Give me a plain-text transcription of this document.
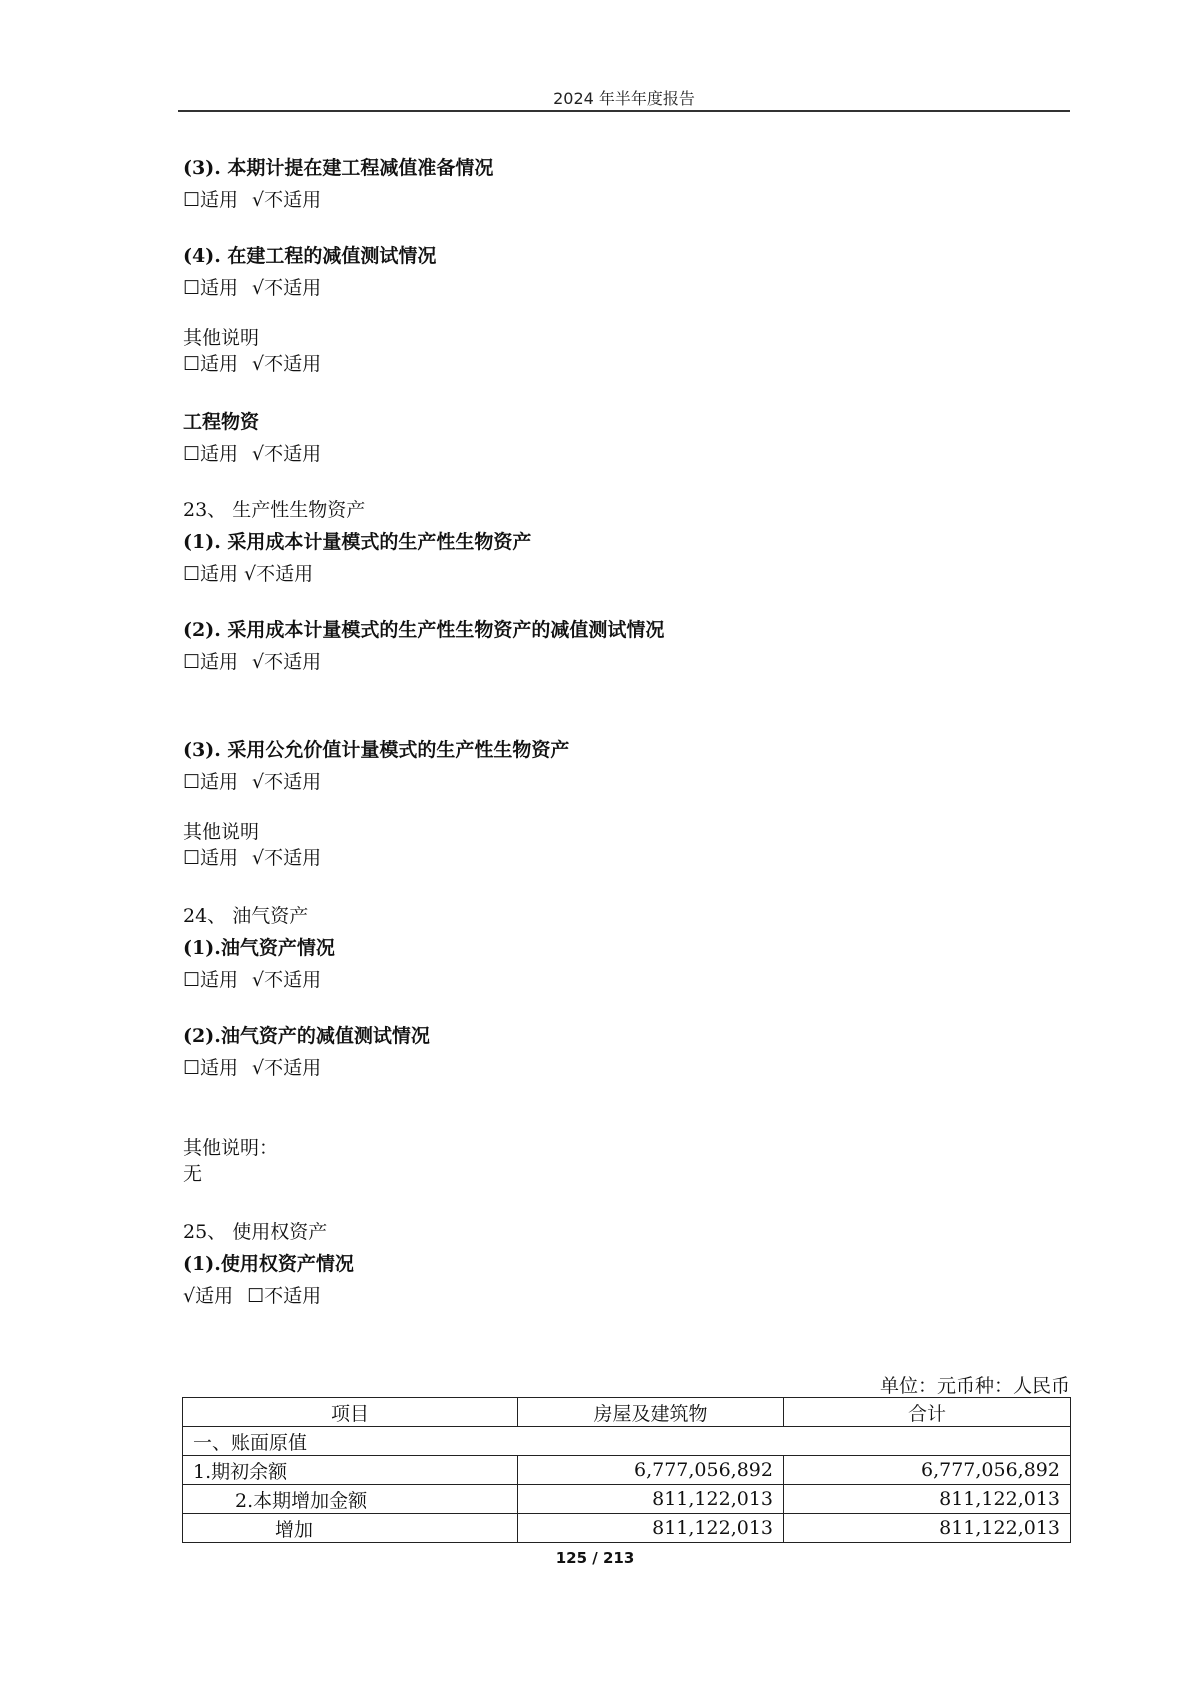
2024 年半年度报告
(3). 本期计提在建工程减值准备情况
☐适用 √不适用
(4). 在建工程的减值测试情况
☐适用 √不适用
其他说明
☐适用 √不适用
工程物资
☐适用 √不适用
23、 生产性生物资产
(1). 采用成本计量模式的生产性生物资产
☐适用 √不适用
(2). 采用成本计量模式的生产性生物资产的减值测试情况
☐适用 √不适用
(3). 采用公允价值计量模式的生产性生物资产
☐适用 √不适用
其他说明
☐适用 √不适用
24、 油气资产
(1).油气资产情况
☐适用 √不适用
(2).油气资产的减值测试情况
☐适用 √不适用
其他说明：
无
25、 使用权资产
(1).使用权资产情况
√适用 ☐不适用
单位：元币种：人民币
项目	房屋及建筑物	合计
一、账面原值		
1.期初余额	6,777,056,892	6,777,056,892
2.本期增加金额	811,122,013	811,122,013
增加	811,122,013	811,122,013
125 / 213
